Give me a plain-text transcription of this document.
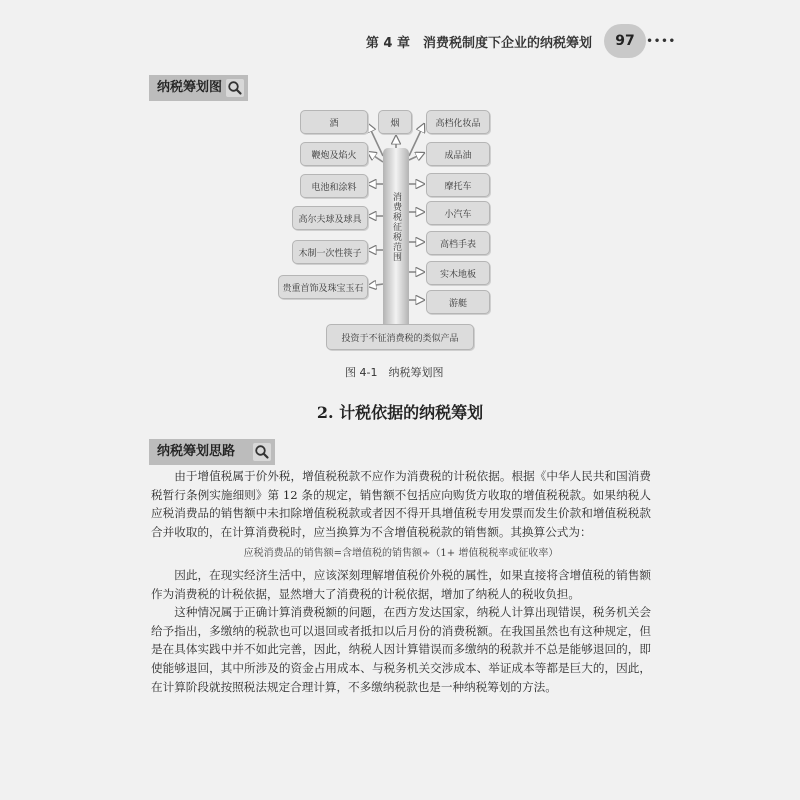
第 4 章　消费税制度下企业的纳税筹划	97	••••
纳税筹划图
烟
酒
鞭炮及焰火
电池和涂料
高尔夫球及球具
木制一次性筷子
贵重首饰及珠宝玉石
高档化妆品
成品油
摩托车
小汽车
高档手表
实木地板
游艇
消费税征税范围
投资于不征消费税的类似产品
图 4-1　纳税筹划图
2. 计税依据的纳税筹划
纳税筹划思路

由于增值税属于价外税，增值税税款不应作为消费税的计税依据。根据《中华人民共和国消费税暂行条例实施细则》第 12 条的规定，销售额不包括应向购货方收取的增值税税款。如果纳税人应税消费品的销售额中未扣除增值税税款或者因不得开具增值税专用发票而发生价款和增值税税款合并收取的，在计算消费税时，应当换算为不含增值税税款的销售额。其换算公式为：

应税消费品的销售额=含增值税的销售额÷（1+ 增值税税率或征收率）

因此，在现实经济生活中，应该深刻理解增值税价外税的属性，如果直接将含增值税的销售额作为消费税的计税依据，显然增大了消费税的计税依据，增加了纳税人的税收负担。

这种情况属于正确计算消费税额的问题，在西方发达国家，纳税人计算出现错误，税务机关会给予指出，多缴纳的税款也可以退回或者抵扣以后月份的消费税额。在我国虽然也有这种规定，但是在具体实践中并不如此完善，因此，纳税人因计算错误而多缴纳的税款并不总是能够退回的，即使能够退回，其中所涉及的资金占用成本、与税务机关交涉成本、举证成本等都是巨大的，因此，在计算阶段就按照税法规定合理计算，不多缴纳税款也是一种纳税筹划的方法。
